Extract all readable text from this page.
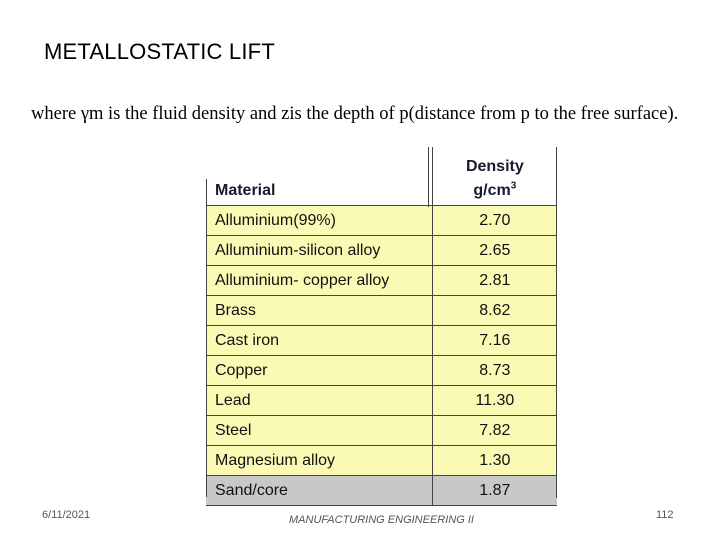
METALLOSTATIC LIFT
where γm is the fluid density and zis the depth of p(distance from p to the free surface).
	Density
Material	$g/cm^3$
Alluminium(99%)	2.70
Alluminium-silicon alloy	2.65
Alluminium- copper alloy	2.81
Brass	8.62
Cast iron	7.16
Copper	8.73
Lead	11.30
Steel	7.82
Magnesium alloy	1.30
Sand/core	1.87
6/11/2021	MANUFACTURING ENGINEERING II	112
